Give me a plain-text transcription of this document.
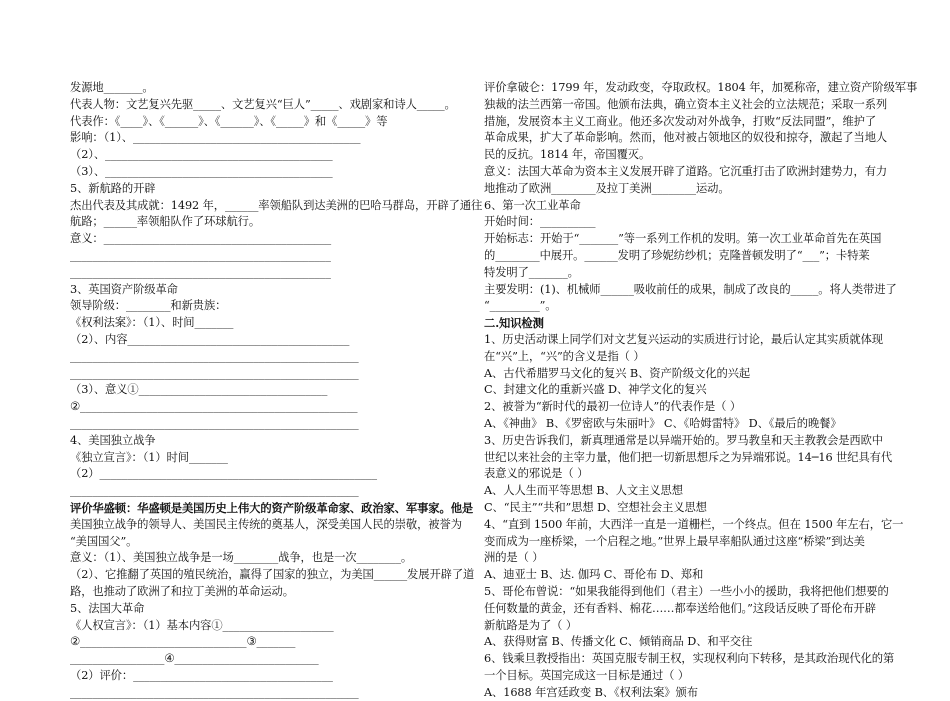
发源地_______。
代表人物：文艺复兴先驱_____、文艺复兴“巨人”_____、戏剧家和诗人_____。
代表作：《____》、《______》、《______》、《_____》和《_____》等
影响：（1）、_________________________________________
（2）、_________________________________________
（3）、_________________________________________
5、新航路的开辟
杰出代表及其成就：1492 年，______率领船队到达美洲的巴哈马群岛，开辟了通往
航路；______率领船队作了环球航行。
意义：_________________________________________
_______________________________________________
_______________________________________________
3、英国资产阶级革命
领导阶级：________和新贵族：
《权利法案》：（1）、时间_______
（2）、内容________________________________________
____________________________________________________
____________________________________________________
（3）、意义①__________________________________
②__________________________________________________
____________________________________________________
4、美国独立战争
《独立宣言》：（1）时间_______
（2）__________________________________________________
____________________________________________________
评价华盛顿：华盛顿是美国历史上伟大的资产阶级革命家、政治家、军事家。他是
美国独立战争的领导人、美国民主传统的奠基人，深受美国人民的崇敬，被誉为
“美国国父”。
意义：（1）、美国独立战争是一场________战争，也是一次________。
（2）、它推翻了英国的殖民统治，赢得了国家的独立，为美国______发展开辟了道
路，也推动了欧洲了和拉丁美洲的革命运动。
5、法国大革命
《人权宣言》：（1）基本内容①____________________
②______________________________③_______
_________________④__________________________
（2）评价：____________________________________
____________________________________________________
评价拿破仑：1799 年，发动政变，夺取政权。1804 年，加冕称帝，建立资产阶级军事
独裁的法兰西第一帝国。他颁布法典，确立资本主义社会的立法规范；采取一系列
措施，发展资本主义工商业。他还多次发动对外战争，打败“反法同盟”，维护了
革命成果，扩大了革命影响。然而，他对被占领地区的奴役和掠夺，激起了当地人
民的反抗。1814 年，帝国覆灭。
意义：法国大革命为资本主义发展开辟了道路。它沉重打击了欧洲封建势力，有力
地推动了欧洲________及拉丁美洲________运动。
6、第一次工业革命
开始时间：__________
开始标志：开始于“_______”等一系列工作机的发明。第一次工业革命首先在英国
的________中展开。______发明了珍妮纺纱机；克隆普顿发明了“___”；卡特莱
特发明了_______。
主要发明：(1)、机械师______吸收前任的成果，制成了改良的_____。将人类带进了
“_________”。
二.知识检测
1、历史活动课上同学们对文艺复兴运动的实质进行讨论，最后认定其实质就体现
在“兴”上，“兴”的含义是指（ ）
A、古代希腊罗马文化的复兴 B、资产阶级文化的兴起
C、封建文化的重新兴盛 D、神学文化的复兴
2、被誉为“新时代的最初一位诗人”的代表作是（ ）
A、《神曲》 B、《罗密欧与朱丽叶》 C、《哈姆雷特》 D、《最后的晚餐》
3、历史告诉我们，新真理通常是以异端开始的。罗马教皇和天主教教会是西欧中
世纪以来社会的主宰力量，他们把一切新思想斥之为异端邪说。14─16 世纪具有代
表意义的邪说是（ ）
A、人人生而平等思想 B、人文主义思想
C、“民主”“共和”思想 D、空想社会主义思想
4、“直到 1500 年前，大西洋一直是一道栅栏，一个终点。但在 1500 年左右，它一
变而成为一座桥梁，一个启程之地。”世界上最早率船队通过这座“桥梁”到达美
洲的是（ ）
A、迪亚士 B、达. 伽玛 C、哥伦布 D、郑和
5、哥伦布曾说：“如果我能得到他们（君主）一些小小的援助，我将把他们想要的
任何数量的黄金，还有香料、棉花……都奉送给他们。”这段话反映了哥伦布开辟
新航路是为了（ ）
A、获得财富 B、传播文化 C、倾销商品 D、和平交往
6、钱乘旦教授指出：英国克服专制王权，实现权利向下转移，是其政治现代化的第
一个目标。英国完成这一目标是通过（ ）
A、1688 年宫廷政变 B、《权利法案》颁布
